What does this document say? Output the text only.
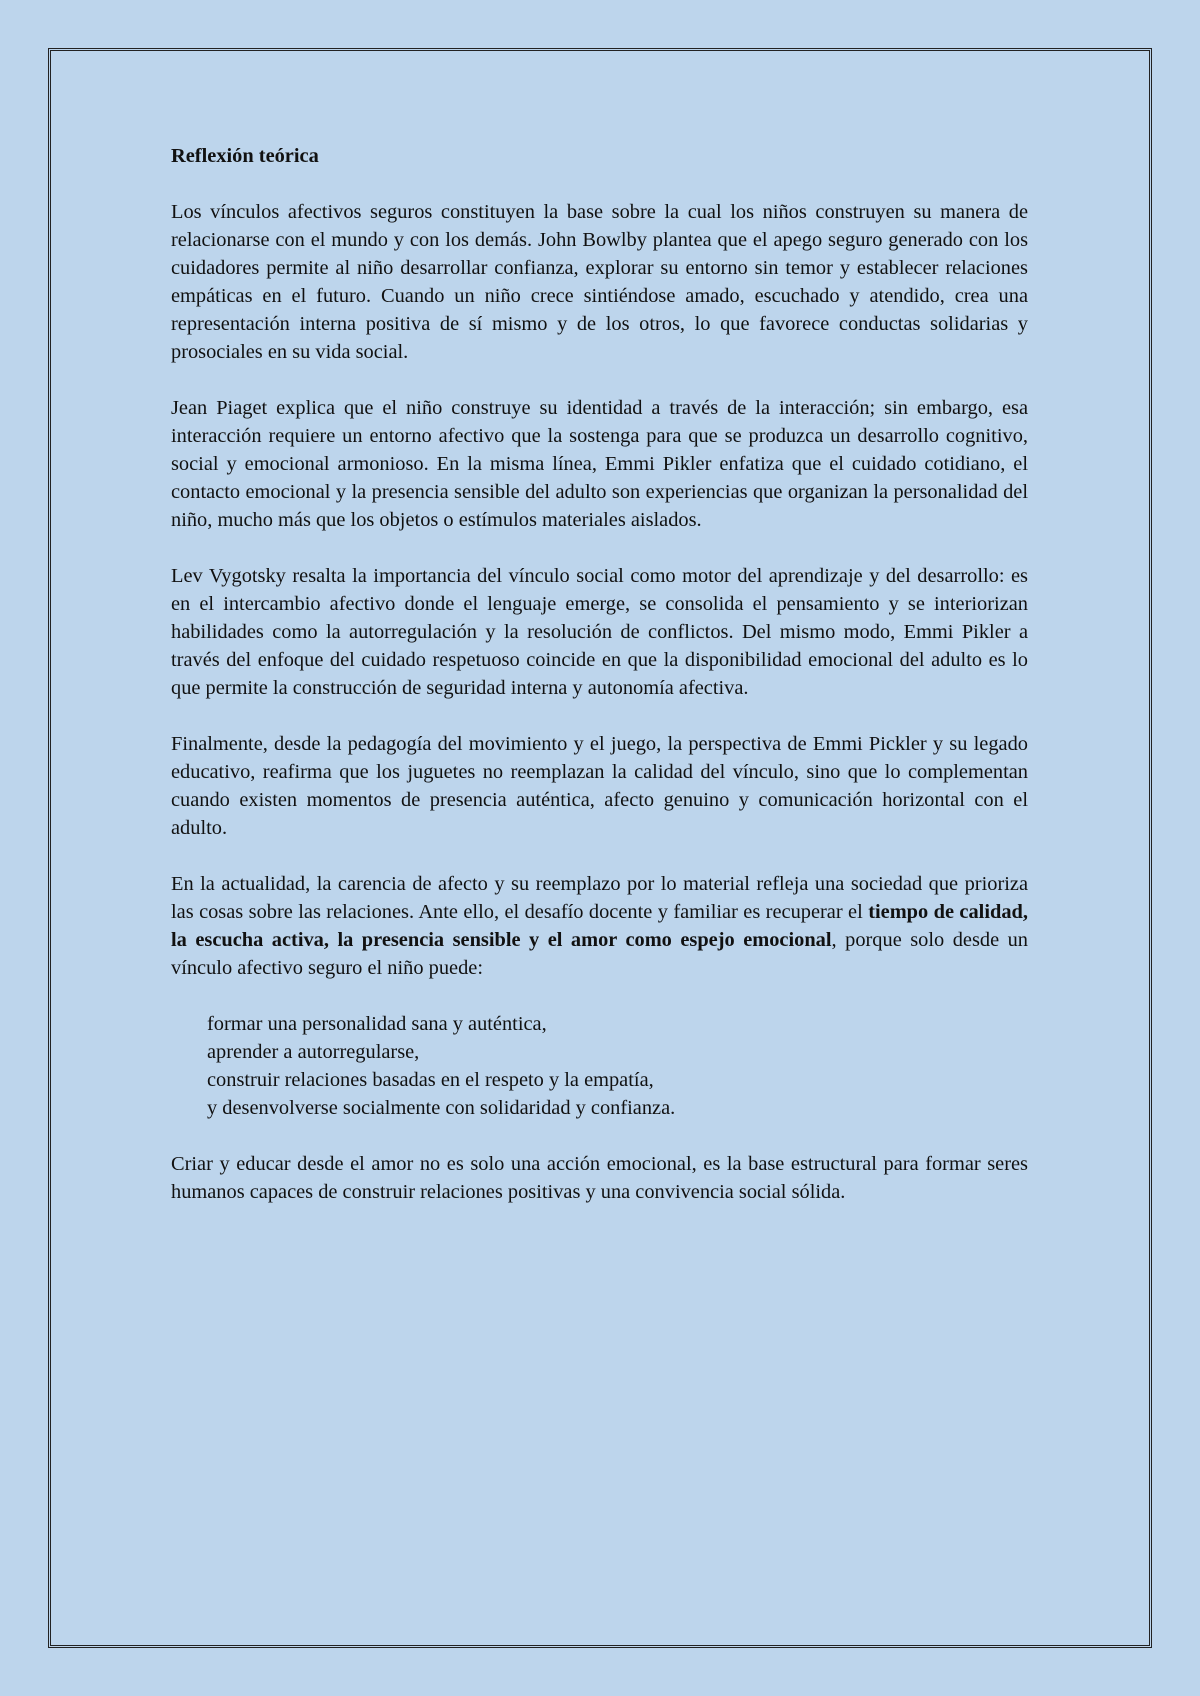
Reflexión teórica

Los vínculos afectivos seguros constituyen la base sobre la cual los niños construyen su manera de relacionarse con el mundo y con los demás. John Bowlby plantea que el apego seguro generado con los cuidadores permite al niño desarrollar confianza, explorar su entorno sin temor y establecer relaciones empáticas en el futuro. Cuando un niño crece sintiéndose amado, escuchado y atendido, crea una representación interna positiva de sí mismo y de los otros, lo que favorece conductas solidarias y prosociales en su vida social.

Jean Piaget explica que el niño construye su identidad a través de la interacción; sin embargo, esa interacción requiere un entorno afectivo que la sostenga para que se produzca un desarrollo cognitivo, social y emocional armonioso. En la misma línea, Emmi Pikler enfatiza que el cuidado cotidiano, el contacto emocional y la presencia sensible del adulto son experiencias que organizan la personalidad del niño, mucho más que los objetos o estímulos materiales aislados.

Lev Vygotsky resalta la importancia del vínculo social como motor del aprendizaje y del desarrollo: es en el intercambio afectivo donde el lenguaje emerge, se consolida el pensamiento y se interiorizan habilidades como la autorregulación y la resolución de conflictos. Del mismo modo, Emmi Pikler a través del enfoque del cuidado respetuoso coincide en que la disponibilidad emocional del adulto es lo que permite la construcción de seguridad interna y autonomía afectiva.

Finalmente, desde la pedagogía del movimiento y el juego, la perspectiva de Emmi Pickler y su legado educativo, reafirma que los juguetes no reemplazan la calidad del vínculo, sino que lo complementan cuando existen momentos de presencia auténtica, afecto genuino y comunicación horizontal con el adulto.

En la actualidad, la carencia de afecto y su reemplazo por lo material refleja una sociedad que prioriza las cosas sobre las relaciones. Ante ello, el desafío docente y familiar es recuperar el tiempo de calidad, la escucha activa, la presencia sensible y el amor como espejo emocional, porque solo desde un vínculo afectivo seguro el niño puede:

formar una personalidad sana y auténtica,
aprender a autorregularse,
construir relaciones basadas en el respeto y la empatía,
y desenvolverse socialmente con solidaridad y confianza.

Criar y educar desde el amor no es solo una acción emocional, es la base estructural para formar seres humanos capaces de construir relaciones positivas y una convivencia social sólida.
